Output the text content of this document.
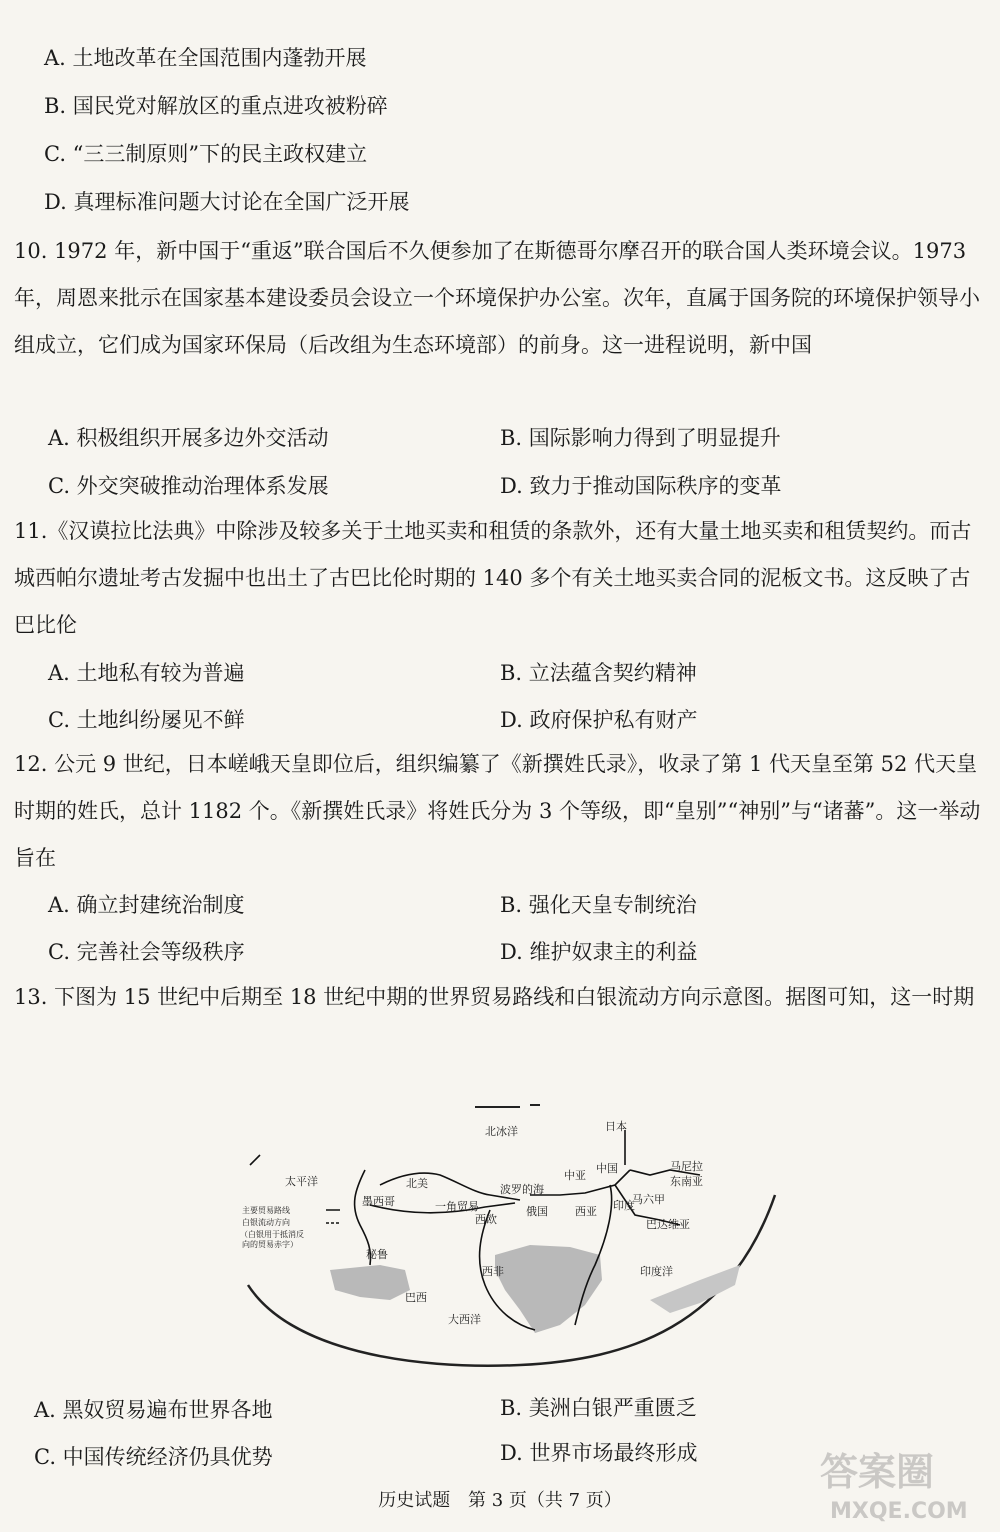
A. 土地改革在全国范围内蓬勃开展
B. 国民党对解放区的重点进攻被粉碎
C. “三三制原则”下的民主政权建立
D. 真理标准问题大讨论在全国广泛开展
10. 1972 年，新中国于“重返”联合国后不久便参加了在斯德哥尔摩召开的联合国人类环境会议。1973 年，周恩来批示在国家基本建设委员会设立一个环境保护办公室。次年，直属于国务院的环境保护领导小组成立，它们成为国家环保局（后改组为生态环境部）的前身。这一进程说明，新中国
A. 积极组织开展多边外交活动	B. 国际影响力得到了明显提升
C. 外交突破推动治理体系发展	D. 致力于推动国际秩序的变革
11.《汉谟拉比法典》中除涉及较多关于土地买卖和租赁的条款外，还有大量土地买卖和租赁契约。而古城西帕尔遗址考古发掘中也出土了古巴比伦时期的 140 多个有关土地买卖合同的泥板文书。这反映了古巴比伦
A. 土地私有较为普遍	B. 立法蕴含契约精神
C. 土地纠纷屡见不鲜	D. 政府保护私有财产
12. 公元 9 世纪，日本嵯峨天皇即位后，组织编纂了《新撰姓氏录》，收录了第 1 代天皇至第 52 代天皇时期的姓氏，总计 1182 个。《新撰姓氏录》将姓氏分为 3 个等级，即“皇别”“神别”与“诸蕃”。这一举动旨在
A. 确立封建统治制度	B. 强化天皇专制统治
C. 完善社会等级秩序	D. 维护奴隶主的利益
13. 下图为 15 世纪中后期至 18 世纪中期的世界贸易路线和白银流动方向示意图。据图可知，这一时期
主要贸易路线
白银流动方向
（白银用于抵消反
向的贸易赤字）
北冰洋
太平洋
日本
北美
墨西哥
秘鲁
巴西
大西洋
波罗的海
西欧
俄国
中亚
西亚
中国
印度
西非	印度洋
马尼拉
东南亚
马六甲
巴达维亚
一角贸易
A. 黑奴贸易遍布世界各地	B. 美洲白银严重匮乏
C. 中国传统经济仍具优势	D. 世界市场最终形成
历史试题 第 3 页（共 7 页）
答案圈
MXQE.COM
